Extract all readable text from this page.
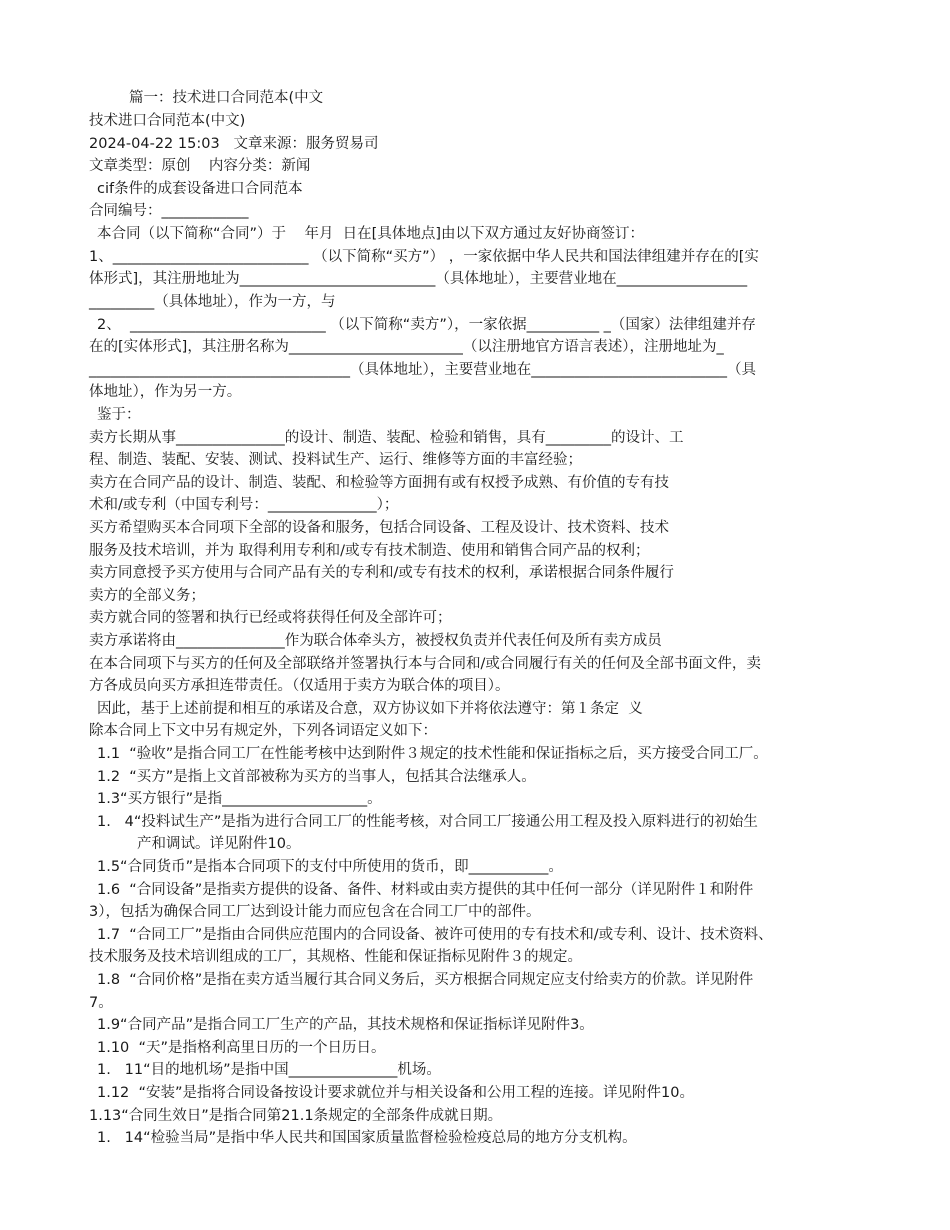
篇一：技术进口合同范本(中文

技术进口合同范本(中文)

2024-04-22 15:03   文章来源：服务贸易司

文章类型：原创    内容分类：新闻

cif条件的成套设备进口合同范本

合同编号：____________

本合同（以下简称“合同”）于    年月  日在[具体地点]由以下双方通过友好协商签订：

1、___________________________ （以下简称“买方”） ，一家依据中华人民共和国法律组建并存在的[实

体形式]，其注册地址为___________________________（具体地址），主要营业地在__________________

_________（具体地址），作为一方，与

2、  ___________________________ （以下简称“卖方”），一家依据__________ _（国家）法律组建并存

在的[实体形式]，其注册名称为________________________（以注册地官方语言表述），注册地址为_

____________________________________（具体地址），主要营业地在___________________________（具

体地址），作为另一方。

鉴于：

卖方长期从事_______________的设计、制造、装配、检验和销售，具有_________的设计、工

程、制造、装配、安装、测试、投料试生产、运行、维修等方面的丰富经验；

卖方在合同产品的设计、制造、装配、和检验等方面拥有或有权授予成熟、有价值的专有技

术和/或专利（中国专利号：_______________）；

买方希望购买本合同项下全部的设备和服务，包括合同设备、工程及设计、技术资料、技术

服务及技术培训，并为 取得利用专利和/或专有技术制造、使用和销售合同产品的权利；

卖方同意授予买方使用与合同产品有关的专利和/或专有技术的权利，承诺根据合同条件履行

卖方的全部义务；

卖方就合同的签署和执行已经或将获得任何及全部许可；

卖方承诺将由_______________作为联合体牵头方，被授权负责并代表任何及所有卖方成员

在本合同项下与买方的任何及全部联络并签署执行本与合同和/或合同履行有关的任何及全部书面文件，卖

方各成员向买方承担连带责任。（仅适用于卖方为联合体的项目）。

因此，基于上述前提和相互的承诺及合意，双方协议如下并将依法遵守：第１条定  义

除本合同上下文中另有规定外，下列各词语定义如下：

1.1  “验收”是指合同工厂在性能考核中达到附件３规定的技术性能和保证指标之后，买方接受合同工厂。

1.2  “买方”是指上文首部被称为买方的当事人，包括其合法继承人。

1.3“买方银行”是指____________________。

1.   4“投料试生产”是指为进行合同工厂的性能考核，对合同工厂接通公用工程及投入原料进行的初始生

产和调试。详见附件10。

1.5“合同货币”是指本合同项下的支付中所使用的货币，即___________。

1.6  “合同设备”是指卖方提供的设备、备件、材料或由卖方提供的其中任何一部分（详见附件１和附件

3），包括为确保合同工厂达到设计能力而应包含在合同工厂中的部件。

1.7  “合同工厂”是指由合同供应范围内的合同设备、被许可使用的专有技术和/或专利、设计、技术资料、

技术服务及技术培训组成的工厂，其规格、性能和保证指标见附件３的规定。

1.8  “合同价格”是指在卖方适当履行其合同义务后，买方根据合同规定应支付给卖方的价款。详见附件

7。

1.9“合同产品”是指合同工厂生产的产品，其技术规格和保证指标详见附件3。

1.10  “天”是指格利高里日历的一个日历日。

1.   11“目的地机场”是指中国_______________机场。

1.12  “安装”是指将合同设备按设计要求就位并与相关设备和公用工程的连接。详见附件10。

1.13“合同生效日”是指合同第21.1条规定的全部条件成就日期。

1.   14“检验当局”是指中华人民共和国国家质量监督检验检疫总局的地方分支机构。
